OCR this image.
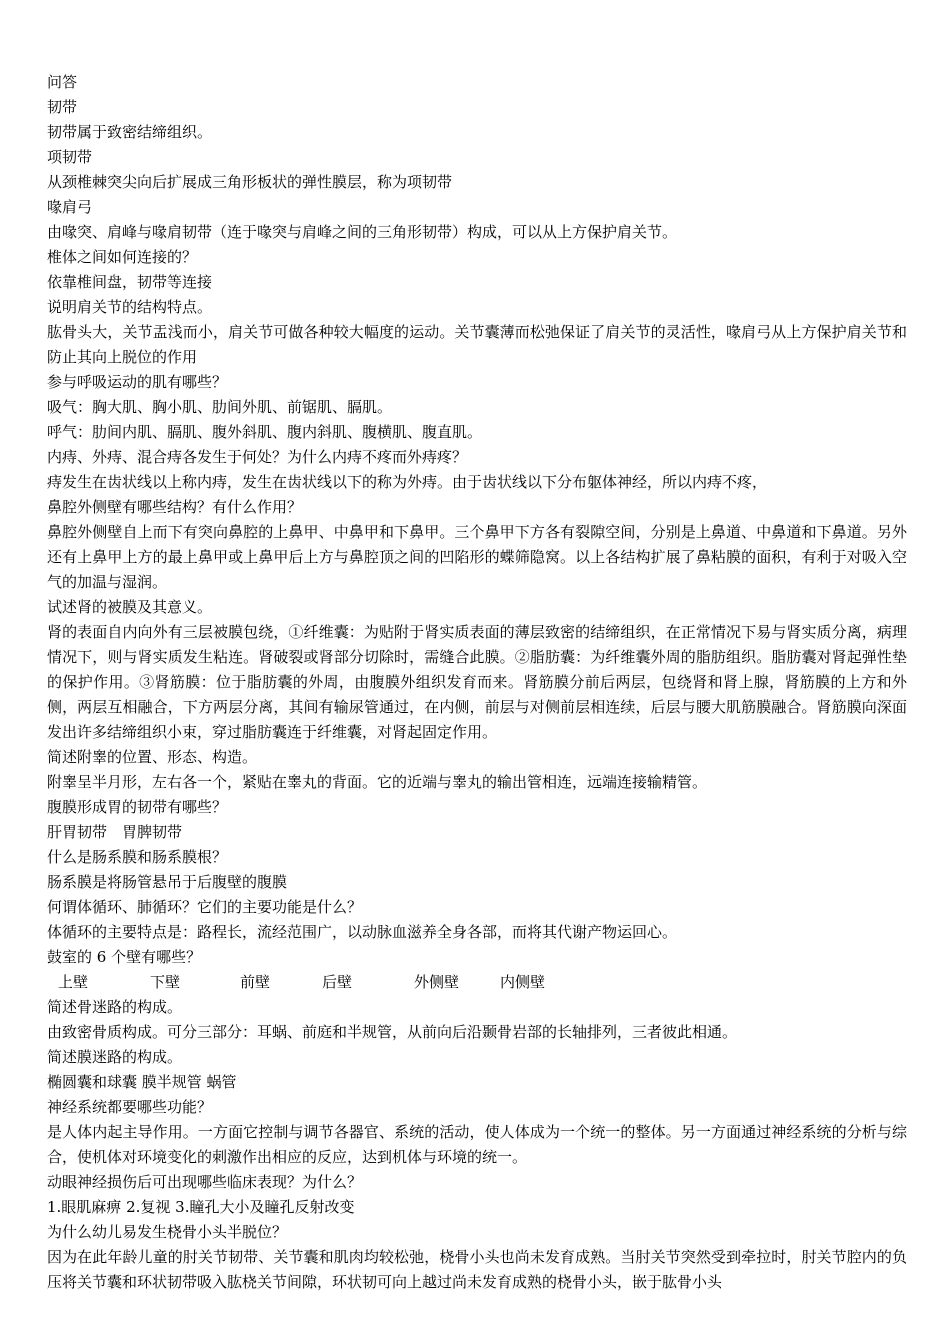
问答

韧带

韧带属于致密结缔组织。

项韧带

从颈椎棘突尖向后扩展成三角形板状的弹性膜层，称为项韧带

喙肩弓

由喙突、肩峰与喙肩韧带（连于喙突与肩峰之间的三角形韧带）构成，可以从上方保护肩关节。

椎体之间如何连接的？

依靠椎间盘，韧带等连接

说明肩关节的结构特点。

肱骨头大，关节盂浅而小，肩关节可做各种较大幅度的运动。关节囊薄而松弛保证了肩关节的灵活性，喙肩弓从上方保护肩关节和防止其向上脱位的作用

参与呼吸运动的肌有哪些？

吸气：胸大肌、胸小肌、肋间外肌、前锯肌、膈肌。

呼气：肋间内肌、膈肌、腹外斜肌、腹内斜肌、腹横肌、腹直肌。

内痔、外痔、混合痔各发生于何处？为什么内痔不疼而外痔疼？

痔发生在齿状线以上称内痔，发生在齿状线以下的称为外痔。由于齿状线以下分布躯体神经，所以内痔不疼，

鼻腔外侧壁有哪些结构？有什么作用？

鼻腔外侧壁自上而下有突向鼻腔的上鼻甲、中鼻甲和下鼻甲。三个鼻甲下方各有裂隙空间，分别是上鼻道、中鼻道和下鼻道。另外还有上鼻甲上方的最上鼻甲或上鼻甲后上方与鼻腔顶之间的凹陷形的蝶筛隐窝。以上各结构扩展了鼻粘膜的面积，有利于对吸入空气的加温与湿润。

试述肾的被膜及其意义。

肾的表面自内向外有三层被膜包绕，①纤维囊：为贴附于肾实质表面的薄层致密的结缔组织，在正常情况下易与肾实质分离，病理情况下，则与肾实质发生粘连。肾破裂或肾部分切除时，需缝合此膜。②脂肪囊：为纤维囊外周的脂肪组织。脂肪囊对肾起弹性垫的保护作用。③肾筋膜：位于脂肪囊的外周，由腹膜外组织发育而来。肾筋膜分前后两层，包绕肾和肾上腺，肾筋膜的上方和外侧，两层互相融合，下方两层分离，其间有输尿管通过，在内侧，前层与对侧前层相连续，后层与腰大肌筋膜融合。肾筋膜向深面发出许多结缔组织小束，穿过脂肪囊连于纤维囊，对肾起固定作用。

简述附睾的位置、形态、构造。

附睾呈半月形，左右各一个，紧贴在睾丸的背面。它的近端与睾丸的输出管相连，远端连接输精管。

腹膜形成胃的韧带有哪些？

肝胃韧带　胃脾韧带

什么是肠系膜和肠系膜根？

肠系膜是将肠管悬吊于后腹壁的腹膜

何谓体循环、肺循环？它们的主要功能是什么？

体循环的主要特点是：路程长，流经范围广，以动脉血滋养全身各部，而将其代谢产物运回心。

鼓室的 6 个壁有哪些？

上壁	下壁	前壁	后壁	外侧壁	内侧壁

简述骨迷路的构成。

由致密骨质构成。可分三部分：耳蜗、前庭和半规管，从前向后沿颞骨岩部的长轴排列，三者彼此相通。

简述膜迷路的构成。

椭圆囊和球囊 膜半规管 蜗管

神经系统都要哪些功能？

是人体内起主导作用。一方面它控制与调节各器官、系统的活动，使人体成为一个统一的整体。另一方面通过神经系统的分析与综合，使机体对环境变化的刺激作出相应的反应，达到机体与环境的统一。

动眼神经损伤后可出现哪些临床表现？为什么？

1.眼肌麻痹 2.复视 3.瞳孔大小及瞳孔反射改变

为什么幼儿易发生桡骨小头半脱位？

因为在此年龄儿童的肘关节韧带、关节囊和肌肉均较松弛，桡骨小头也尚未发育成熟。当肘关节突然受到牵拉时，肘关节腔内的负压将关节囊和环状韧带吸入肱桡关节间隙，环状韧可向上越过尚未发育成熟的桡骨小头，嵌于肱骨小头
